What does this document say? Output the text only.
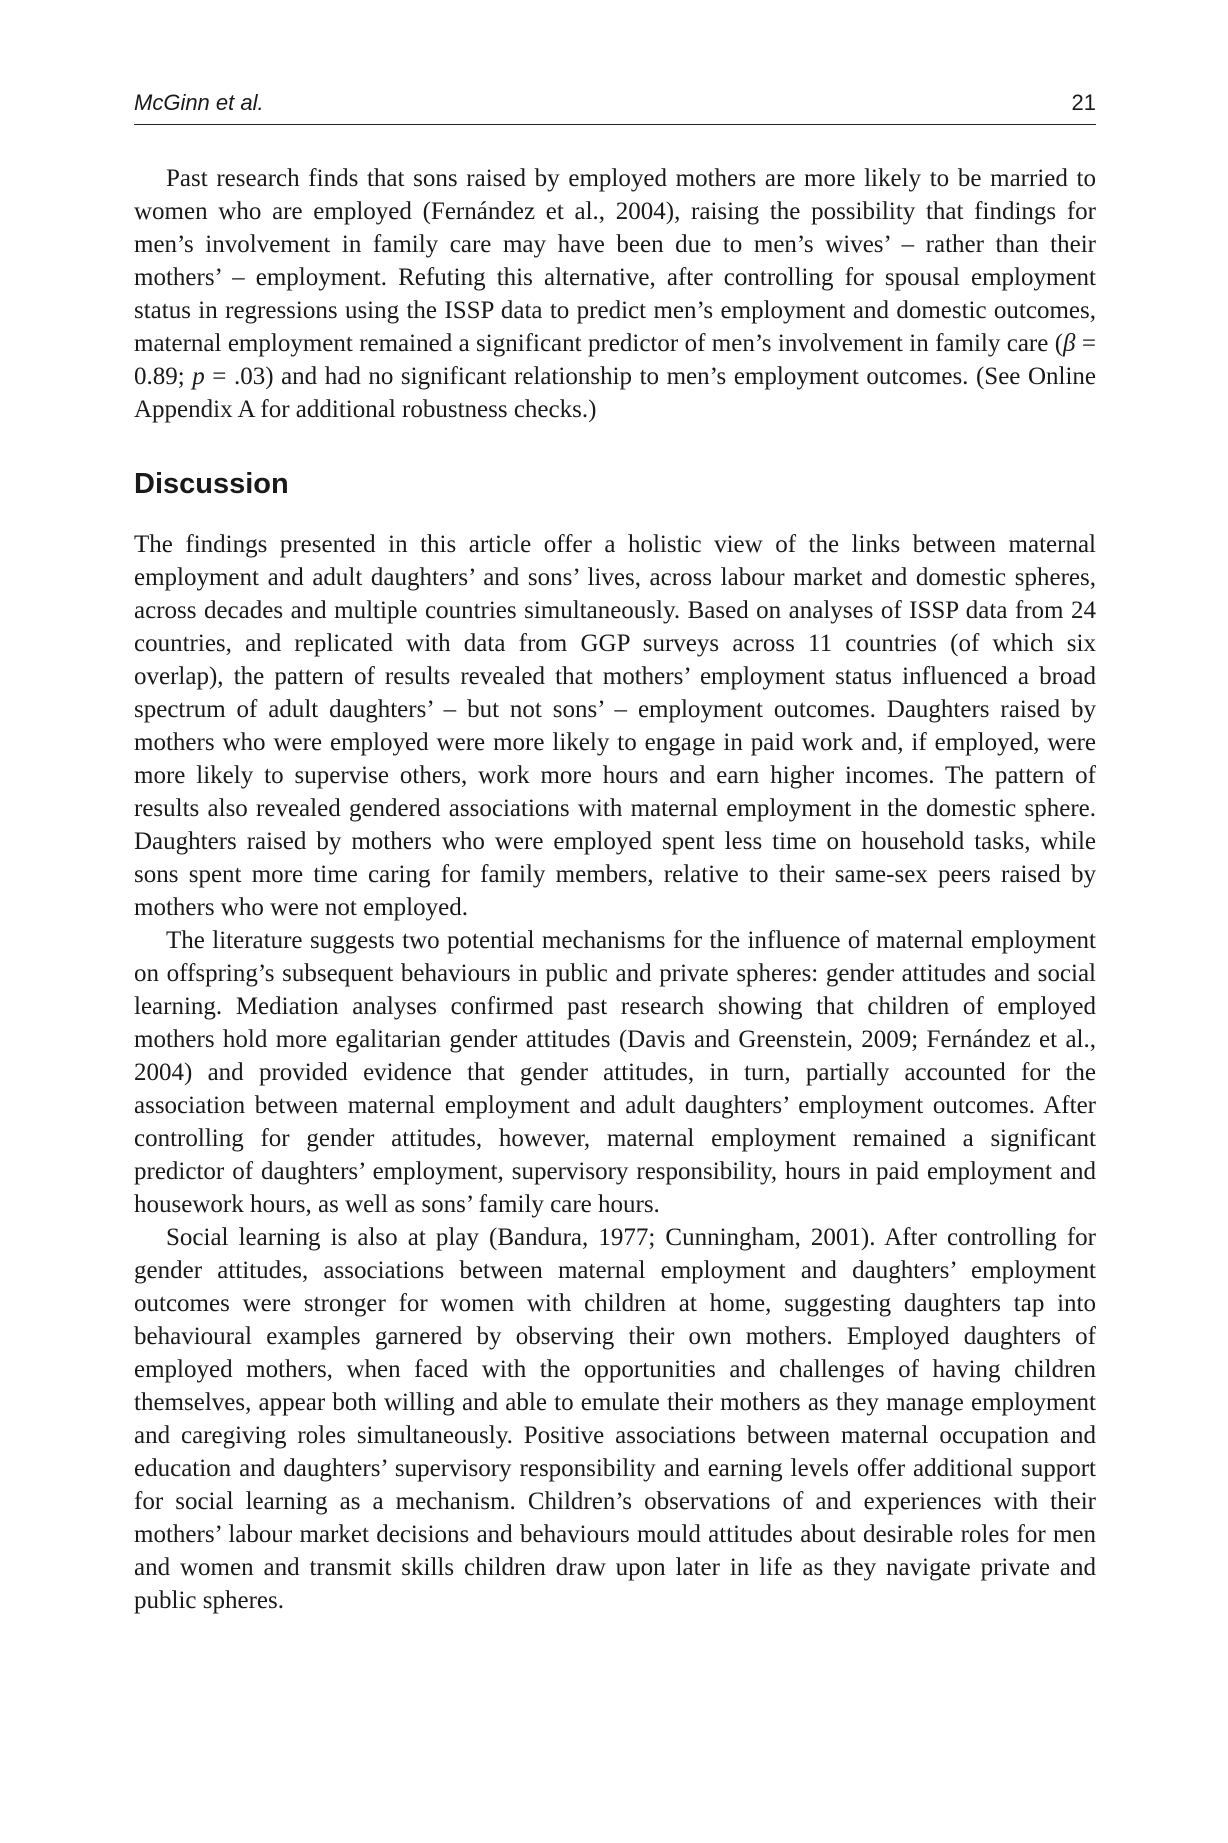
McGinn et al.	21

Past research finds that sons raised by employed mothers are more likely to be married to women who are employed (Fernández et al., 2004), raising the possibility that findings for men’s involvement in family care may have been due to men’s wives’ – rather than their mothers’ – employment. Refuting this alternative, after controlling for spousal employment status in regressions using the ISSP data to predict men’s employment and domestic outcomes, maternal employment remained a significant predictor of men’s involvement in family care (β = 0.89; p = .03) and had no significant relationship to men’s employment outcomes. (See Online Appendix A for additional robustness checks.)

Discussion

The findings presented in this article offer a holistic view of the links between maternal employment and adult daughters’ and sons’ lives, across labour market and domestic spheres, across decades and multiple countries simultaneously. Based on analyses of ISSP data from 24 countries, and replicated with data from GGP surveys across 11 countries (of which six overlap), the pattern of results revealed that mothers’ employment status influenced a broad spectrum of adult daughters’ – but not sons’ – employment outcomes. Daughters raised by mothers who were employed were more likely to engage in paid work and, if employed, were more likely to supervise others, work more hours and earn higher incomes. The pattern of results also revealed gendered associations with maternal employment in the domestic sphere. Daughters raised by mothers who were employed spent less time on household tasks, while sons spent more time caring for family members, relative to their same-sex peers raised by mothers who were not employed.

The literature suggests two potential mechanisms for the influence of maternal employment on offspring’s subsequent behaviours in public and private spheres: gender attitudes and social learning. Mediation analyses confirmed past research showing that children of employed mothers hold more egalitarian gender attitudes (Davis and Greenstein, 2009; Fernández et al., 2004) and provided evidence that gender attitudes, in turn, partially accounted for the association between maternal employment and adult daughters’ employment outcomes. After controlling for gender attitudes, however, maternal employment remained a significant predictor of daughters’ employment, supervisory responsibility, hours in paid employment and housework hours, as well as sons’ family care hours.

Social learning is also at play (Bandura, 1977; Cunningham, 2001). After controlling for gender attitudes, associations between maternal employment and daughters’ employment outcomes were stronger for women with children at home, suggesting daughters tap into behavioural examples garnered by observing their own mothers. Employed daughters of employed mothers, when faced with the opportunities and challenges of having children themselves, appear both willing and able to emulate their mothers as they manage employment and caregiving roles simultaneously. Positive associations between maternal occupation and education and daughters’ supervisory responsibility and earning levels offer additional support for social learning as a mechanism. Children’s observations of and experiences with their mothers’ labour market decisions and behaviours mould attitudes about desirable roles for men and women and transmit skills children draw upon later in life as they navigate private and public spheres.
